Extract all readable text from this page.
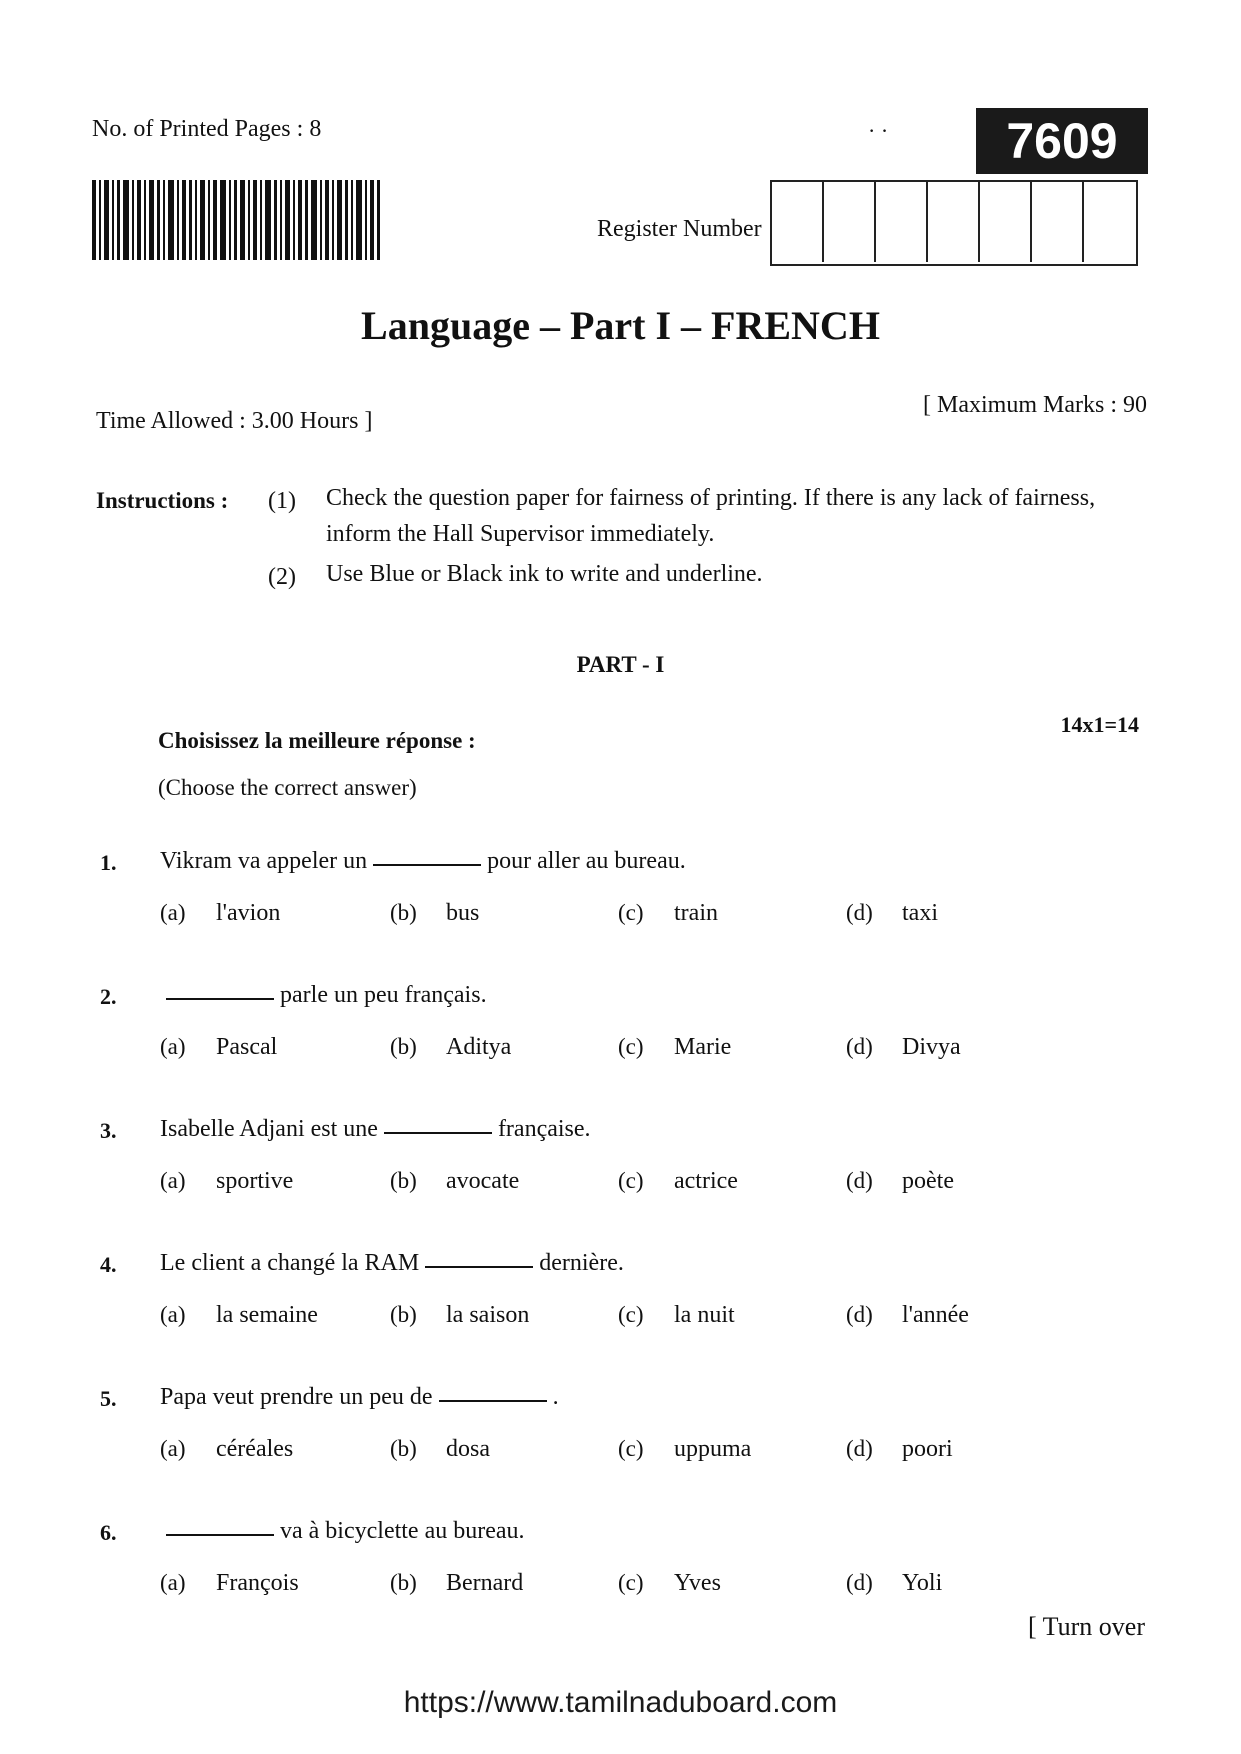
No. of Printed Pages : 8	· ·	7609
Register Number
Language – Part I – FRENCH
Time Allowed : 3.00 Hours ]
[ Maximum Marks : 90
Instructions : (1) Check the question paper for fairness of printing. If there is any lack of fairness, inform the Hall Supervisor immediately.
(2) Use Blue or Black ink to write and underline.
PART - I
14x1=14
Choisissez la meilleure réponse :
(Choose the correct answer)
1. Vikram va appeler un	pour aller au bureau.
(a) l'avion	(b) bus	(c) train	(d) taxi
2.	parle un peu français.
(a) Pascal	(b) Aditya	(c) Marie	(d) Divya
3. Isabelle Adjani est une	française.
(a) sportive	(b) avocate	(c) actrice	(d) poète
4. Le client a changé la RAM	dernière.
(a) la semaine	(b) la saison	(c) la nuit	(d) l'année
5. Papa veut prendre un peu de	.
(a) céréales	(b) dosa	(c) uppuma	(d) poori
6.	va à bicyclette au bureau.
(a) François	(b) Bernard	(c) Yves	(d) Yoli
[ Turn over
https://www.tamilnaduboard.com
